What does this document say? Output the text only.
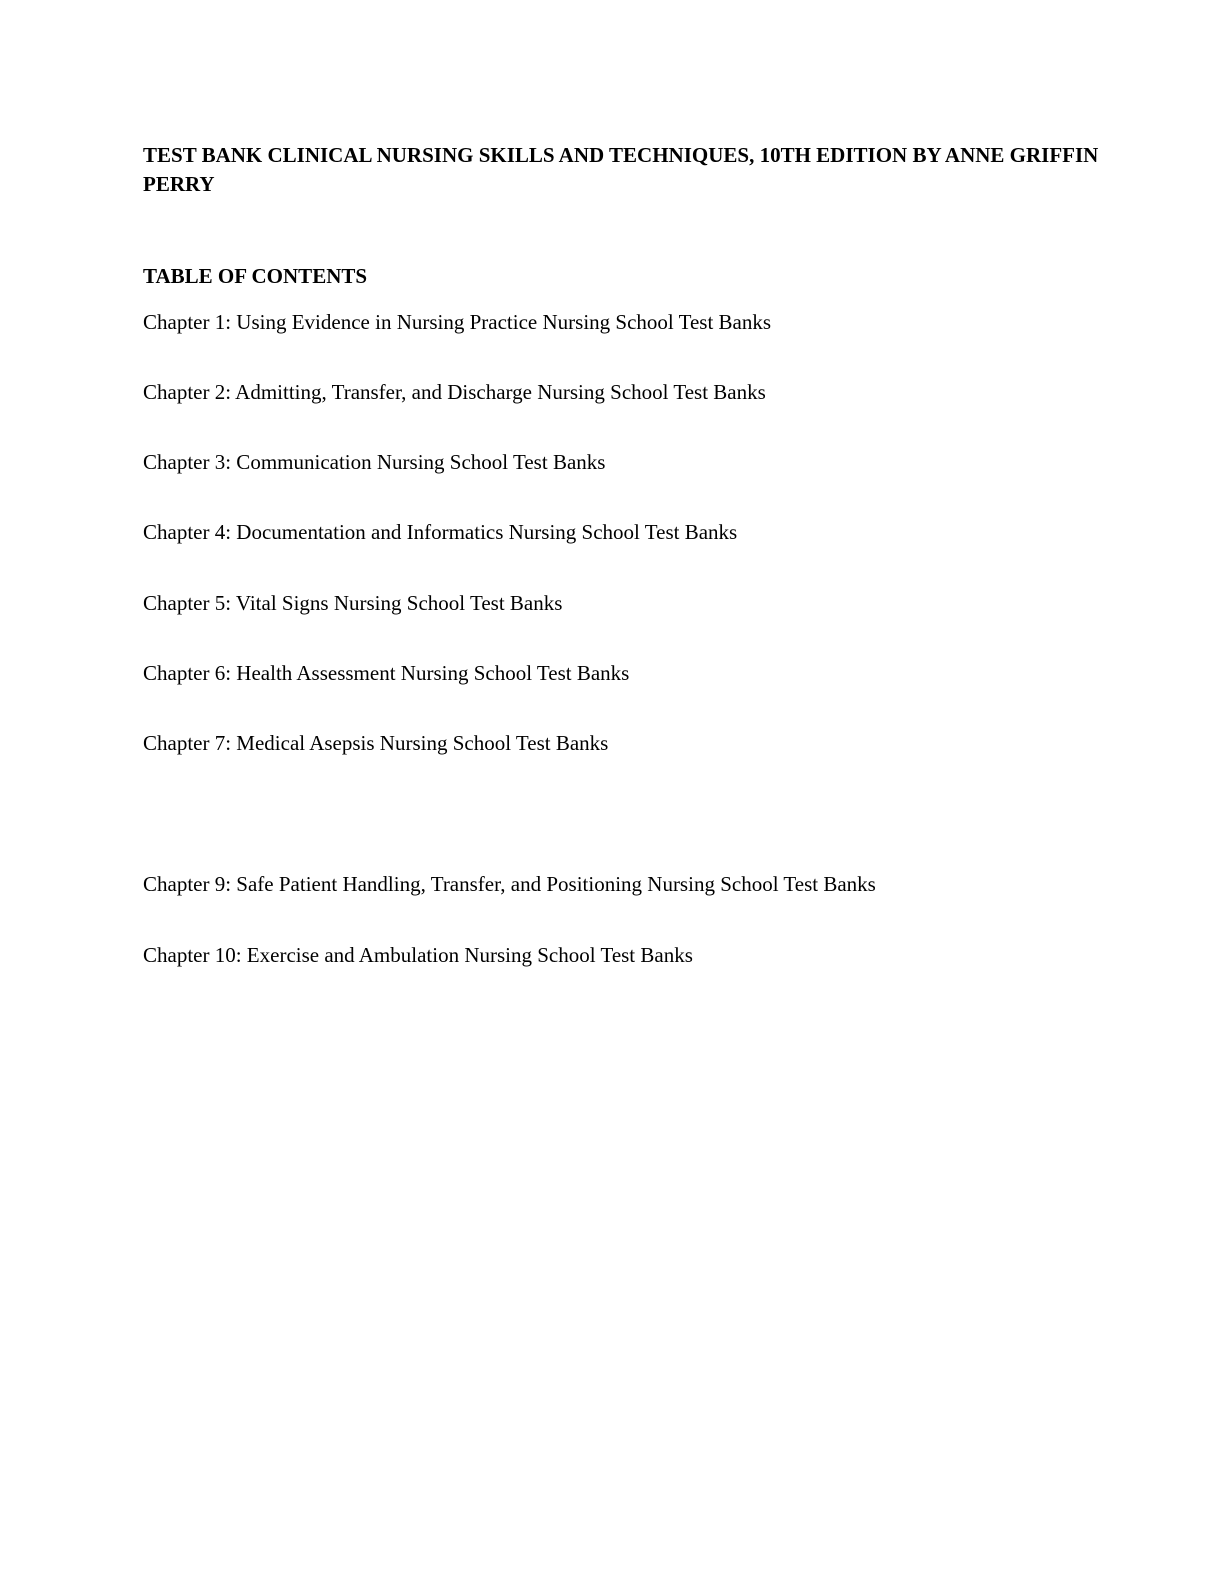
TEST BANK CLINICAL NURSING SKILLS AND TECHNIQUES, 10TH EDITION BY ANNE GRIFFIN PERRY
TABLE OF CONTENTS

Chapter 1: Using Evidence in Nursing Practice Nursing School Test Banks

Chapter 2: Admitting, Transfer, and Discharge Nursing School Test Banks

Chapter 3: Communication Nursing School Test Banks

Chapter 4: Documentation and Informatics Nursing School Test Banks

Chapter 5: Vital Signs Nursing School Test Banks

Chapter 6: Health Assessment Nursing School Test Banks

Chapter 7: Medical Asepsis Nursing School Test Banks

Chapter 9: Safe Patient Handling, Transfer, and Positioning Nursing School Test Banks

Chapter 10: Exercise and Ambulation Nursing School Test Banks
